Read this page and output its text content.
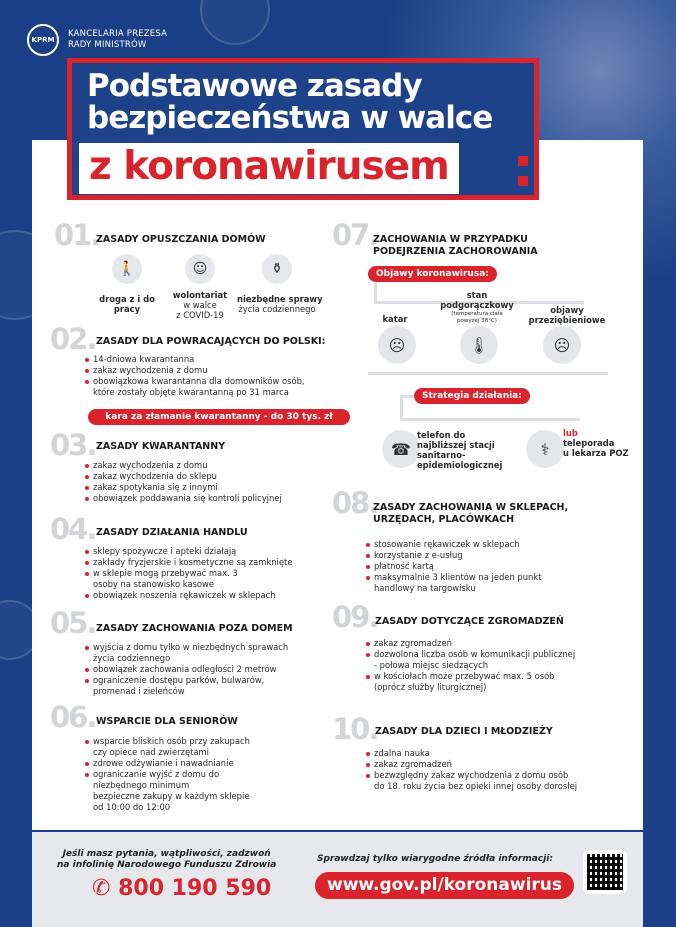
KPRM
KANCELARIA PREZESA
RADY MINISTRÓW
01.
ZASADY OPUSZCZANIA DOMÓW
🚶	☺	⚱
droga z i do
pracy
wolontariat
w walce
z COVID-19
niezbędne sprawy
życia codziennego
02. ZASADY DLA POWRACAJĄCYCH DO POLSKI:
14-dniowa kwarantanna
zakaz wychodzenia z domu
obowiązkowa kwarantanna dla domowników osób,
które zostały objęte kwarantanną po 31 marca
kara za złamanie kwarantanny - do 30 tys. zł
03. ZASADY KWARANTANNY
zakaz wychodzenia z domu
zakaz wychodzenia do sklepu
zakaz spotykania się z innymi
obowiązek poddawania się kontroli policyjnej
04. ZASADY DZIAŁANIA HANDLU
sklepy spożywcze i apteki działają
zakłady fryzjerskie i kosmetyczne są zamknięte
w sklepie mogą przebywać max. 3
osoby na stanowisko kasowe
obowiązek noszenia rękawiczek w sklepach
05. ZASADY ZACHOWANIA POZA DOMEM
wyjścia z domu tylko w niezbędnych sprawach
życia codziennego
obowiązek zachowania odległości 2 metrów
ograniczenie dostępu parków, bulwarów,
promenad i zieleńców
06. WSPARCIE DLA SENIORÓW
wsparcie bliskich osób przy zakupach
czy opiece nad zwierzętami
zdrowe odżywianie i nawadnianie
ograniczanie wyjść z domu do
niezbędnego minimum
bezpieczne zakupy w każdym sklepie
od 10:00 do 12:00
07.
ZACHOWANIA W PRZYPADKU
PODEJRZENIA ZACHOROWANIA
Objawy koronawirusa:
katar
stan
podgorączkowy
(temperatura ciała
powyżej 38°C)
objawy
przeziębieniowe
☹	🌡	☹
Strategia działania:
☎	⚕
telefon do
najbliższej stacji
sanitarno-
epidemiologicznej
lub
teleporada
u lekarza POZ
08.
ZASADY ZACHOWANIA W SKLEPACH,
URZĘDACH, PLACÓWKACH
stosowanie rękawiczek w sklepach
korzystanie z e-usług
płatność kartą
maksymalnie 3 klientów na jeden punkt
handlowy na targowisku
09.
ZASADY DOTYCZĄCE ZGROMADZEŃ
zakaz zgromadzeń
dozwolona liczba osób w komunikacji publicznej
- połowa miejsc siedzących
w kościołach może przebywać max. 5 osób
(oprócz służby liturgicznej)
10.
ZASADY DLA DZIECI I MŁODZIEŻY
zdalna nauka
zakaz zgromadzeń
bezwzględny zakaz wychodzenia z domu osób
do 18. roku życia bez opieki innej osoby dorosłej
Podstawowe zasady
bezpieczeństwa w walce
z koronawirusem
Jeśli masz pytania, wątpliwości, zadzwoń
na infolinię Narodowego Funduszu Zdrowia
✆ 800 190 590
Sprawdzaj tylko wiarygodne źródła informacji:
www.gov.pl/koronawirus
